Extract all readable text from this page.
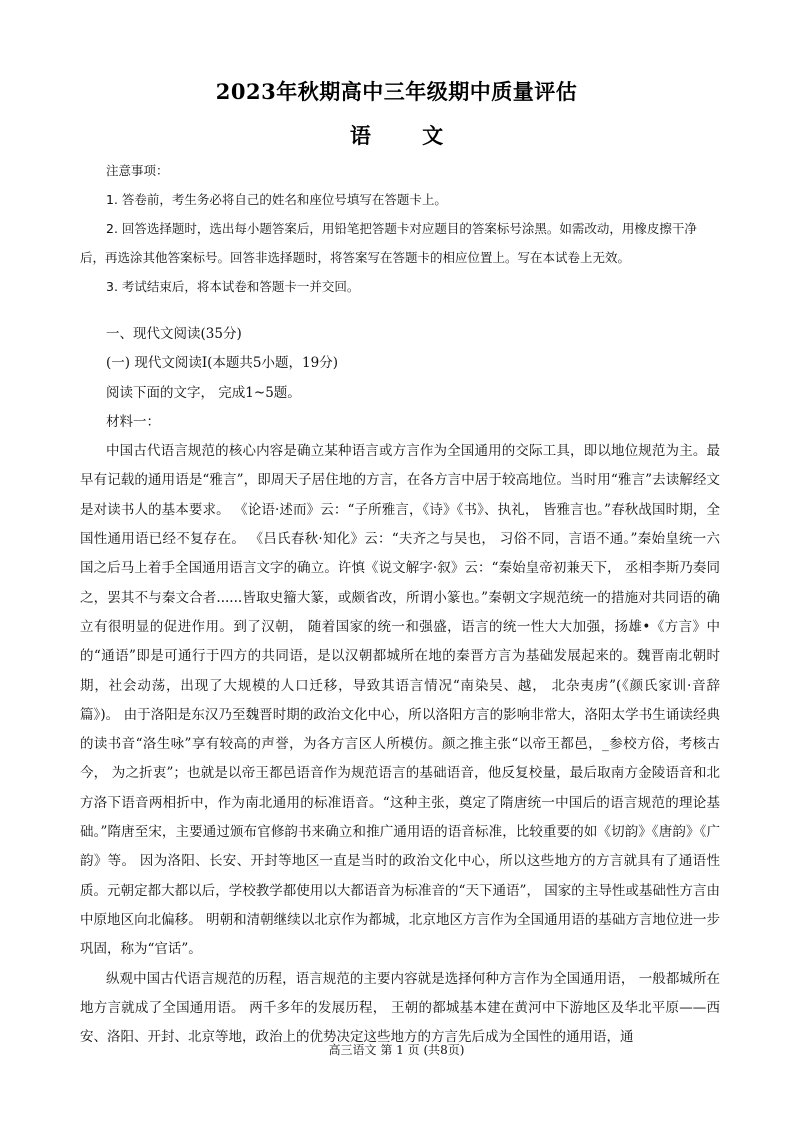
2023年秋期高中三年级期中质量评估
语 文

注意事项：

1. 答卷前，考生务必将自己的姓名和座位号填写在答题卡上。

2. 回答选择题时，选出每小题答案后，用铅笔把答题卡对应题目的答案标号涂黑。如需改动，用橡皮擦干净后，再选涂其他答案标号。回答非选择题时，将答案写在答题卡的相应位置上。写在本试卷上无效。

3. 考试结束后，将本试卷和答题卡一并交回。

一、现代文阅读(35分)

(一) 现代文阅读Ⅰ(本题共5小题，19分)

阅读下面的文字， 完成1~5题。

材料一：

中国古代语言规范的核心内容是确立某种语言或方言作为全国通用的交际工具，即以地位规范为主。最早有记载的通用语是“雅言”，即周天子居住地的方言，在各方言中居于较高地位。当时用“雅言”去读解经文是对读书人的基本要求。 《论语·述而》云：“子所雅言，《诗》《书》、执礼， 皆雅言也。”春秋战国时期，全国性通用语已经不复存在。 《吕氏春秋·知化》云：“夫齐之与吴也， 习俗不同，言语不通。”秦始皇统一六国之后马上着手全国通用语言文字的确立。许慎《说文解字·叙》云：“秦始皇帝初兼天下， 丞相李斯乃奏同之，罢其不与秦文合者......皆取史籀大篆，或颇省改，所谓小篆也。”秦朝文字规范统一的措施对共同语的确立有很明显的促进作用。到了汉朝， 随着国家的统一和强盛，语言的统一性大大加强，扬雄•《方言》中的“通语”即是可通行于四方的共同语，是以汉朝都城所在地的秦晋方言为基础发展起来的。魏晋南北朝时期，社会动荡，出现了大规模的人口迁移，导致其语言情况“南染吴、越， 北杂夷虏”(《颜氏家训·音辞篇》)。 由于洛阳是东汉乃至魏晋时期的政治文化中心，所以洛阳方言的影响非常大，洛阳太学书生诵读经典的读书音“洛生咏”享有较高的声誉，为各方言区人所模仿。颜之推主张“以帝王都邑，_参校方俗，考核古今， 为之折衷”；也就是以帝王都邑语音作为规范语言的基础语音，他反复校量，最后取南方金陵语音和北方洛下语音两相折中，作为南北通用的标准语音。“这种主张，奠定了隋唐统一中国后的语言规范的理论基础。”隋唐至宋，主要通过颁布官修韵书来确立和推广通用语的语音标准，比较重要的如《切韵》《唐韵》《广韵》等。 因为洛阳、长安、开封等地区一直是当时的政治文化中心，所以这些地方的方言就具有了通语性质。元朝定都大都以后，学校教学都使用以大都语音为标准音的“天下通语”， 国家的主导性或基础性方言由中原地区向北偏移。 明朝和清朝继续以北京作为都城，北京地区方言作为全国通用语的基础方言地位进一步巩固，称为“官话”。

纵观中国古代语言规范的历程，语言规范的主要内容就是选择何种方言作为全国通用语， 一般都城所在地方言就成了全国通用语。 两千多年的发展历程， 王朝的都城基本建在黄河中下游地区及华北平原——西安、洛阳、开封、北京等地，政治上的优势决定这些地方的方言先后成为全国性的通用语，通

高三语文 第 1 页 (共8页)
